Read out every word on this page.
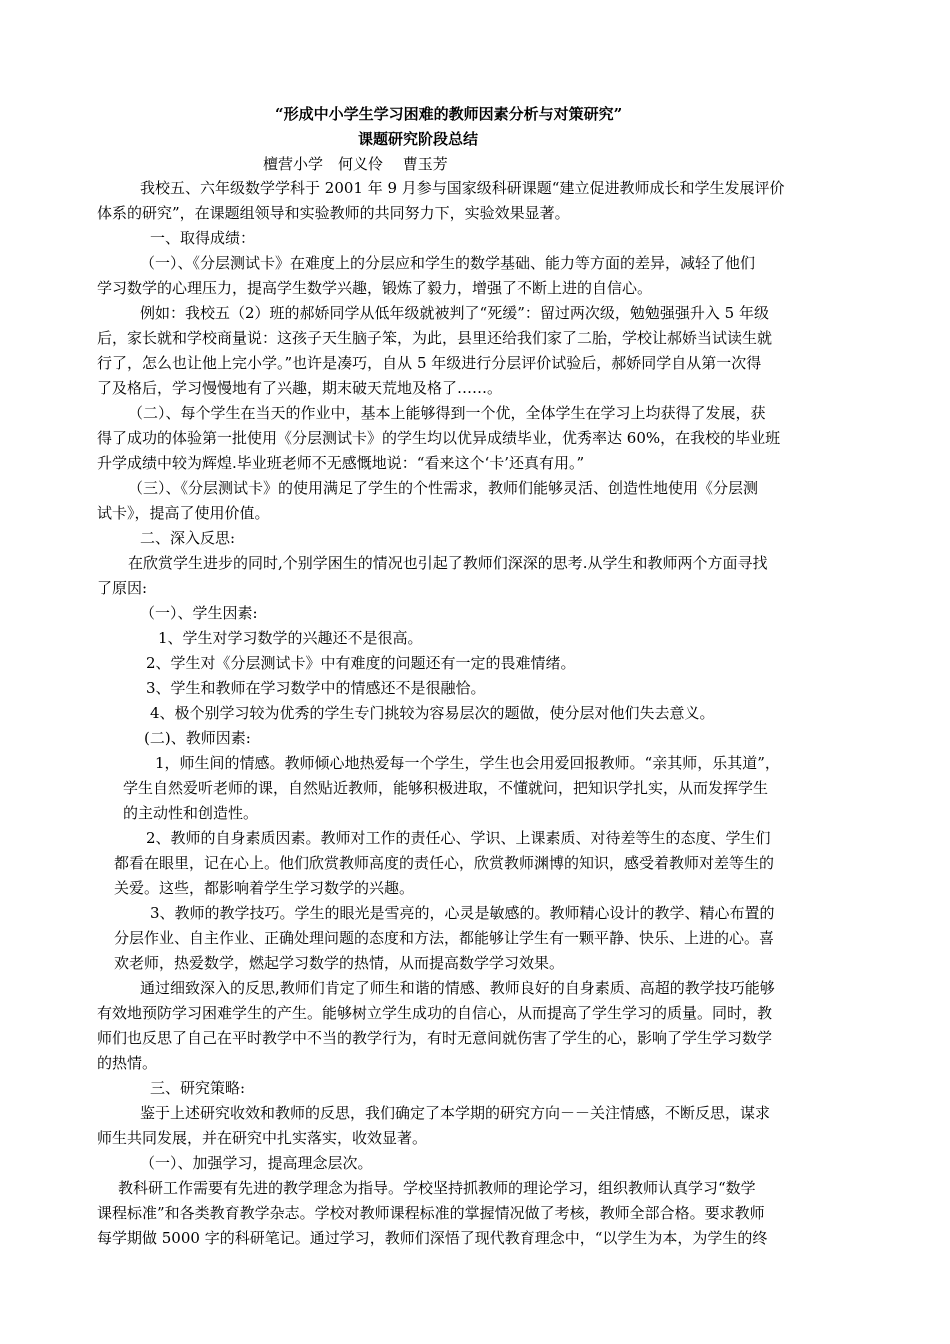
“形成中小学生学习困难的教师因素分析与对策研究”
课题研究阶段总结
檀营小学　何义伶　 曹玉芳
我校五、六年级数学学科于 2001 年 9 月参与国家级科研课题“建立促进教师成长和学生发展评价
体系的研究”，在课题组领导和实验教师的共同努力下，实验效果显著。
一、取得成绩：
（一）、《分层测试卡》在难度上的分层应和学生的数学基础、能力等方面的差异，减轻了他们
学习数学的心理压力，提高学生数学兴趣，锻炼了毅力，增强了不断上进的自信心。
例如：我校五（2）班的郝娇同学从低年级就被判了“死缓”：留过两次级，勉勉强强升入 5 年级
后，家长就和学校商量说：这孩子天生脑子笨，为此，县里还给我们家了二胎，学校让郝娇当试读生就
行了，怎么也让他上完小学。”也许是凑巧，自从 5 年级进行分层评价试验后，郝娇同学自从第一次得
了及格后，学习慢慢地有了兴趣，期末破天荒地及格了……。
（二）、每个学生在当天的作业中，基本上能够得到一个优，全体学生在学习上均获得了发展，获
得了成功的体验第一批使用《分层测试卡》的学生均以优异成绩毕业，优秀率达 60%，在我校的毕业班
升学成绩中较为辉煌.毕业班老师不无感慨地说：“看来这个‘卡’还真有用。”
（三）、《分层测试卡》的使用满足了学生的个性需求，教师们能够灵活、创造性地使用《分层测
试卡》，提高了使用价值。
二、深入反思:
在欣赏学生进步的同时,个别学困生的情况也引起了教师们深深的思考.从学生和教师两个方面寻找
了原因:
（一）、学生因素:
1、学生对学习数学的兴趣还不是很高。
2、学生对《分层测试卡》中有难度的问题还有一定的畏难情绪。
3、学生和教师在学习数学中的情感还不是很融恰。
4、极个别学习较为优秀的学生专门挑较为容易层次的题做，使分层对他们失去意义。
(二)、教师因素:
1，师生间的情感。教师倾心地热爱每一个学生，学生也会用爱回报教师。“亲其师，乐其道”，
学生自然爱听老师的课，自然贴近教师，能够积极进取，不懂就问，把知识学扎实，从而发挥学生
的主动性和创造性。
2、教师的自身素质因素。教师对工作的责任心、学识、上课素质、对待差等生的态度、学生们
都看在眼里，记在心上。他们欣赏教师高度的责任心，欣赏教师渊博的知识，感受着教师对差等生的
关爱。这些，都影响着学生学习数学的兴趣。
3、教师的教学技巧。学生的眼光是雪亮的，心灵是敏感的。教师精心设计的教学、精心布置的
分层作业、自主作业、正确处理问题的态度和方法，都能够让学生有一颗平静、快乐、上进的心。喜
欢老师，热爱数学，燃起学习数学的热情，从而提高数学学习效果。
通过细致深入的反思,教师们肯定了师生和谐的情感、教师良好的自身素质、高超的教学技巧能够
有效地预防学习困难学生的产生。能够树立学生成功的自信心，从而提高了学生学习的质量。同时，教
师们也反思了自己在平时教学中不当的教学行为，有时无意间就伤害了学生的心，影响了学生学习数学
的热情。
三、研究策略:
鉴于上述研究收效和教师的反思，我们确定了本学期的研究方向－－关注情感，不断反思，谋求
师生共同发展，并在研究中扎实落实，收效显著。
（一）、加强学习，提高理念层次。
教科研工作需要有先进的教学理念为指导。学校坚持抓教师的理论学习，组织教师认真学习“数学
课程标准”和各类教育教学杂志。学校对教师课程标准的掌握情况做了考核，教师全部合格。要求教师
每学期做 5000 字的科研笔记。通过学习，教师们深悟了现代教育理念中，“以学生为本，为学生的终
